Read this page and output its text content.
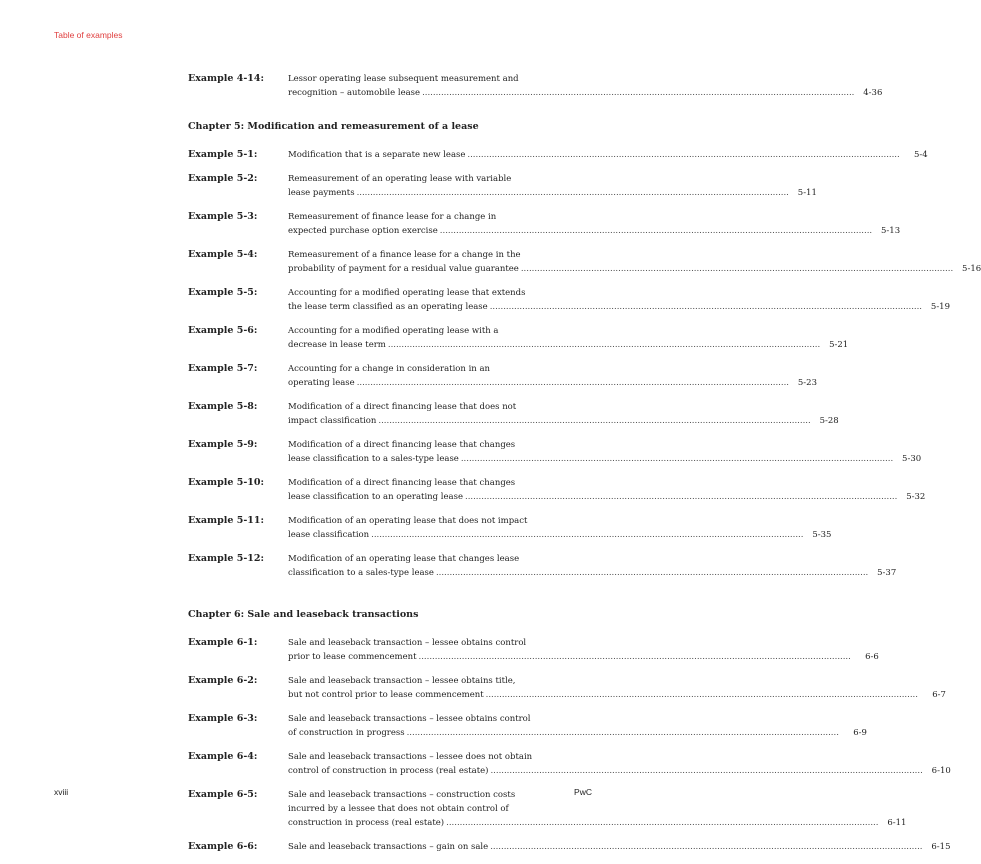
Table of examples
Example 4-14:	Lessor operating lease subsequent measurement and
recognition – automobile lease .....	4-36
Chapter 5: Modification and remeasurement of a lease
Example 5-1:	Modification that is a separate new lease .....	5-4
Example 5-2:	Remeasurement of an operating lease with variable
lease payments .....	5-11
Example 5-3:	Remeasurement of finance lease for a change in
expected purchase option exercise .....	5-13
Example 5-4:	Remeasurement of a finance lease for a change in the
probability of payment for a residual value guarantee .....	5-16
Example 5-5:	Accounting for a modified operating lease that extends
the lease term classified as an operating lease .....	5-19
Example 5-6:	Accounting for a modified operating lease with a
decrease in lease term .....	5-21
Example 5-7:	Accounting for a change in consideration in an
operating lease .....	5-23
Example 5-8:	Modification of a direct financing lease that does not
impact classification .....	5-28
Example 5-9:	Modification of a direct financing lease that changes
lease classification to a sales-type lease .....	5-30
Example 5-10:	Modification of a direct financing lease that changes
lease classification to an operating lease .....	5-32
Example 5-11:	Modification of an operating lease that does not impact
lease classification .....	5-35
Example 5-12:	Modification of an operating lease that changes lease
classification to a sales-type lease .....	5-37
Chapter 6: Sale and leaseback transactions
Example 6-1:	Sale and leaseback transaction – lessee obtains control
prior to lease commencement .....	6-6
Example 6-2:	Sale and leaseback transaction – lessee obtains title,
but not control prior to lease commencement .....	6-7
Example 6-3:	Sale and leaseback transactions – lessee obtains control
of construction in progress .....	6-9
Example 6-4:	Sale and leaseback transactions – lessee does not obtain
control of construction in process (real estate) .....	6-10
Example 6-5:	Sale and leaseback transactions – construction costs
incurred by a lessee that does not obtain control of
construction in process (real estate) .....	6-11
Example 6-6:	Sale and leaseback transactions – gain on sale .....	6-15
xviii	PwC
